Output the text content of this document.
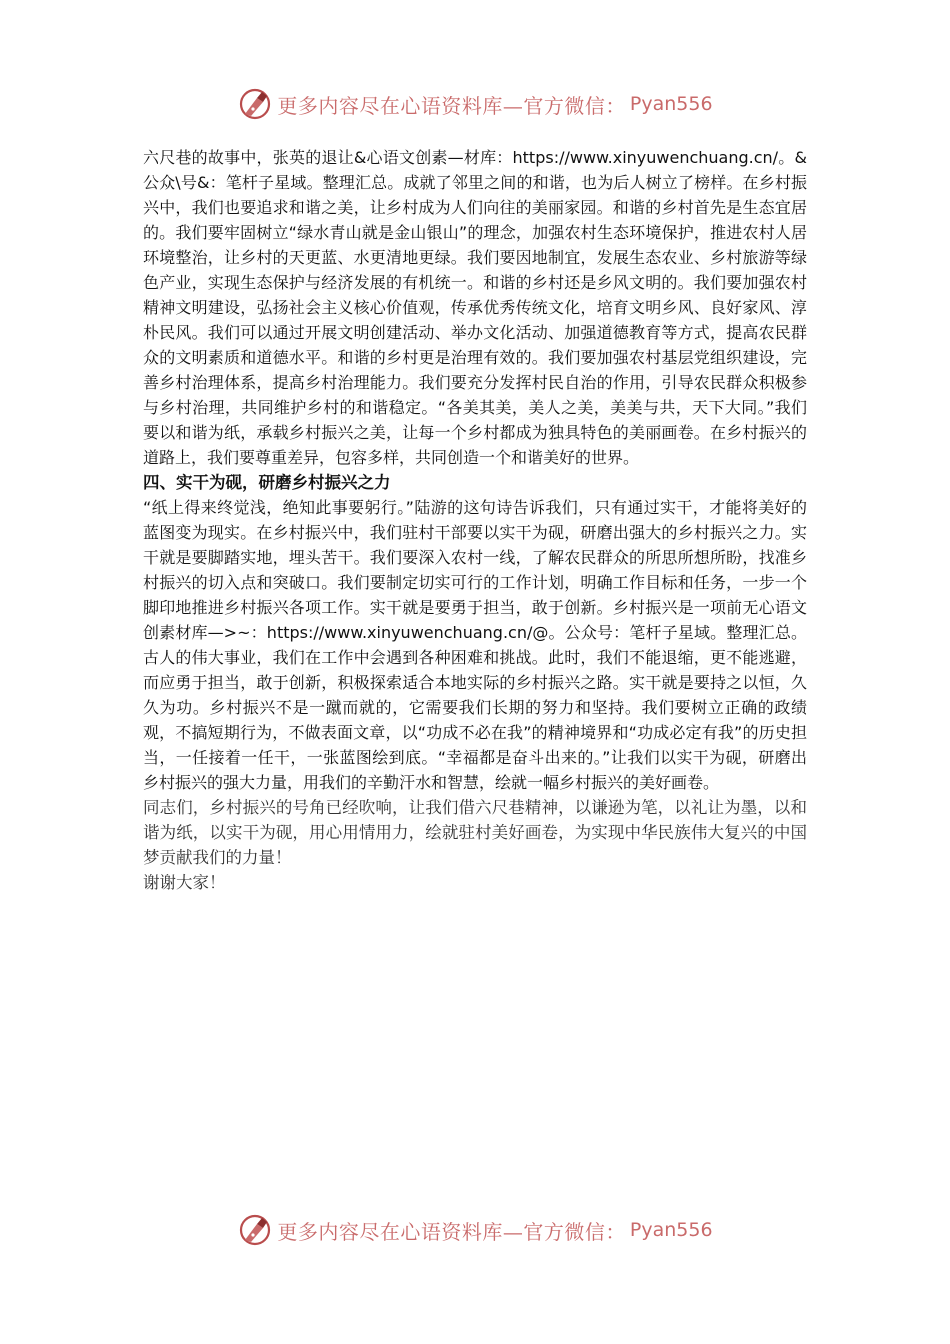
更多内容尽在心语资料库—官方微信： Pyan556

六尺巷的故事中，张英的退让&心语文创素—材库：https://www.xinyuwenchuang.cn/。&公众\号&：笔杆子星域。整理汇总。成就了邻里之间的和谐，也为后人树立了榜样。在乡村振兴中，我们也要追求和谐之美，让乡村成为人们向往的美丽家园。和谐的乡村首先是生态宜居的。我们要牢固树立“绿水青山就是金山银山”的理念，加强农村生态环境保护，推进农村人居环境整治，让乡村的天更蓝、水更清地更绿。我们要因地制宜，发展生态农业、乡村旅游等绿色产业，实现生态保护与经济发展的有机统一。和谐的乡村还是乡风文明的。我们要加强农村精神文明建设，弘扬社会主义核心价值观，传承优秀传统文化，培育文明乡风、良好家风、淳朴民风。我们可以通过开展文明创建活动、举办文化活动、加强道德教育等方式，提高农民群众的文明素质和道德水平。和谐的乡村更是治理有效的。我们要加强农村基层党组织建设，完善乡村治理体系，提高乡村治理能力。我们要充分发挥村民自治的作用，引导农民群众积极参与乡村治理，共同维护乡村的和谐稳定。“各美其美，美人之美，美美与共，天下大同。”我们要以和谐为纸，承载乡村振兴之美，让每一个乡村都成为独具特色的美丽画卷。在乡村振兴的道路上，我们要尊重差异，包容多样，共同创造一个和谐美好的世界。

四、实干为砚，研磨乡村振兴之力

“纸上得来终觉浅，绝知此事要躬行。”陆游的这句诗告诉我们，只有通过实干，才能将美好的蓝图变为现实。在乡村振兴中，我们驻村干部要以实干为砚，研磨出强大的乡村振兴之力。实干就是要脚踏实地，埋头苦干。我们要深入农村一线，了解农民群众的所思所想所盼，找准乡村振兴的切入点和突破口。我们要制定切实可行的工作计划，明确工作目标和任务，一步一个脚印地推进乡村振兴各项工作。实干就是要勇于担当，敢于创新。乡村振兴是一项前无心语文创素材库—>~：https://www.xinyuwenchuang.cn/@。公众号：笔杆子星域。整理汇总。古人的伟大事业，我们在工作中会遇到各种困难和挑战。此时，我们不能退缩，更不能逃避，而应勇于担当，敢于创新，积极探索适合本地实际的乡村振兴之路。实干就是要持之以恒，久久为功。乡村振兴不是一蹴而就的，它需要我们长期的努力和坚持。我们要树立正确的政绩观，不搞短期行为，不做表面文章，以“功成不必在我”的精神境界和“功成必定有我”的历史担当，一任接着一任干，一张蓝图绘到底。“幸福都是奋斗出来的。”让我们以实干为砚，研磨出乡村振兴的强大力量，用我们的辛勤汗水和智慧，绘就一幅乡村振兴的美好画卷。

同志们，乡村振兴的号角已经吹响，让我们借六尺巷精神，以谦逊为笔，以礼让为墨，以和谐为纸，以实干为砚，用心用情用力，绘就驻村美好画卷，为实现中华民族伟大复兴的中国梦贡献我们的力量！

谢谢大家！

更多内容尽在心语资料库—官方微信： Pyan556
